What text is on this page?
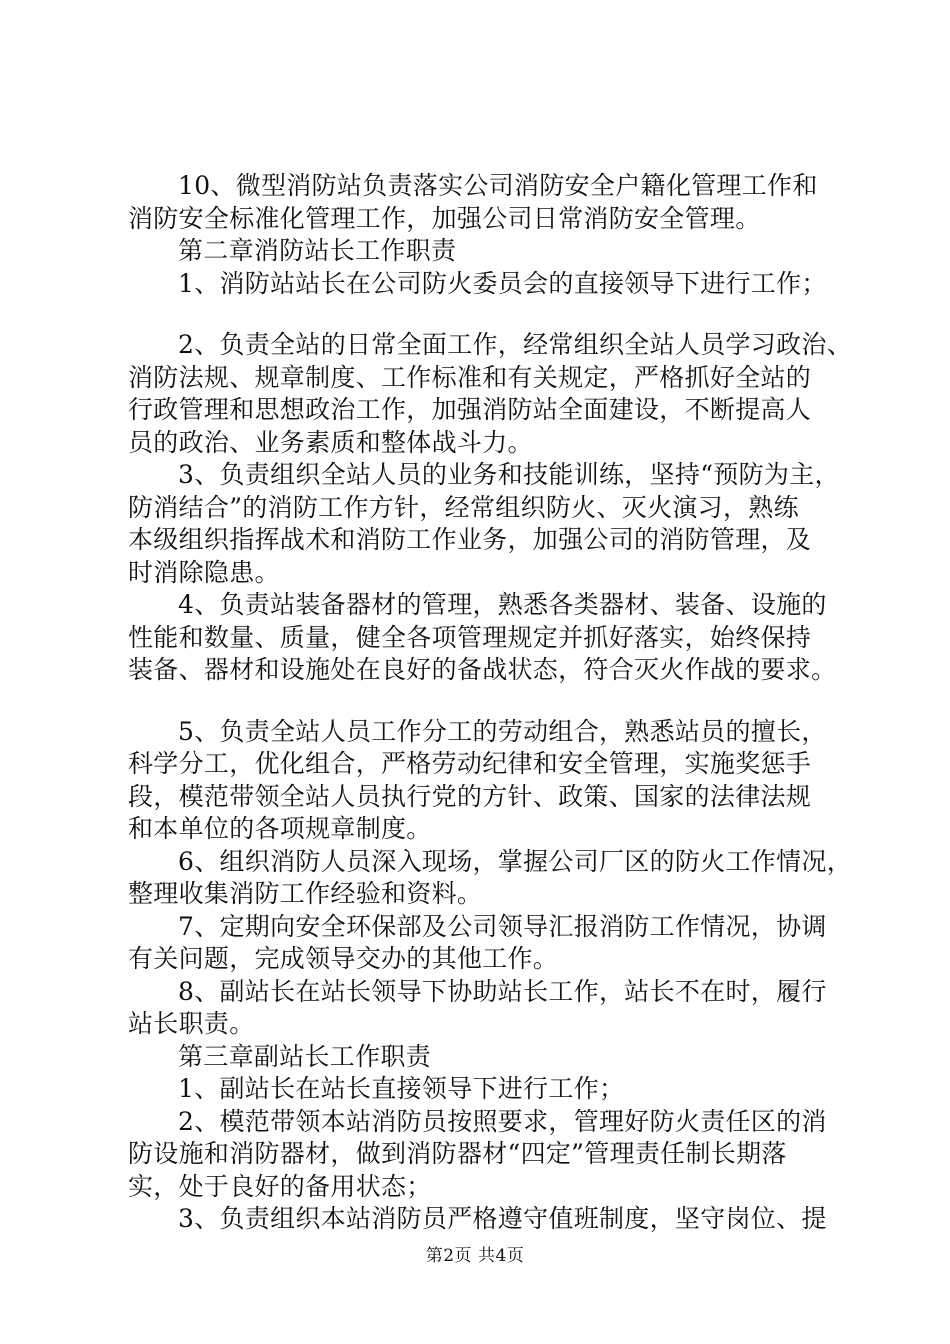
10、微型消防站负责落实公司消防安全户籍化管理工作和
消防安全标准化管理工作，加强公司日常消防安全管理。
第二章消防站长工作职责
1、消防站站长在公司防火委员会的直接领导下进行工作；
2、负责全站的日常全面工作，经常组织全站人员学习政治、
消防法规、规章制度、工作标准和有关规定，严格抓好全站的
行政管理和思想政治工作，加强消防站全面建设，不断提高人
员的政治、业务素质和整体战斗力。
3、负责组织全站人员的业务和技能训练，坚持“预防为主，
防消结合”的消防工作方针，经常组织防火、灭火演习，熟练
本级组织指挥战术和消防工作业务，加强公司的消防管理，及
时消除隐患。
4、负责站装备器材的管理，熟悉各类器材、装备、设施的
性能和数量、质量，健全各项管理规定并抓好落实，始终保持
装备、器材和设施处在良好的备战状态，符合灭火作战的要求。
5、负责全站人员工作分工的劳动组合，熟悉站员的擅长，
科学分工，优化组合，严格劳动纪律和安全管理，实施奖惩手
段，模范带领全站人员执行党的方针、政策、国家的法律法规
和本单位的各项规章制度。
6、组织消防人员深入现场，掌握公司厂区的防火工作情况，
整理收集消防工作经验和资料。
7、定期向安全环保部及公司领导汇报消防工作情况，协调
有关问题，完成领导交办的其他工作。
8、副站长在站长领导下协助站长工作，站长不在时，履行
站长职责。
第三章副站长工作职责
1、副站长在站长直接领导下进行工作；
2、模范带领本站消防员按照要求，管理好防火责任区的消
防设施和消防器材，做到消防器材“四定”管理责任制长期落
实，处于良好的备用状态；
3、负责组织本站消防员严格遵守值班制度，坚守岗位、提
第2页 共4页
